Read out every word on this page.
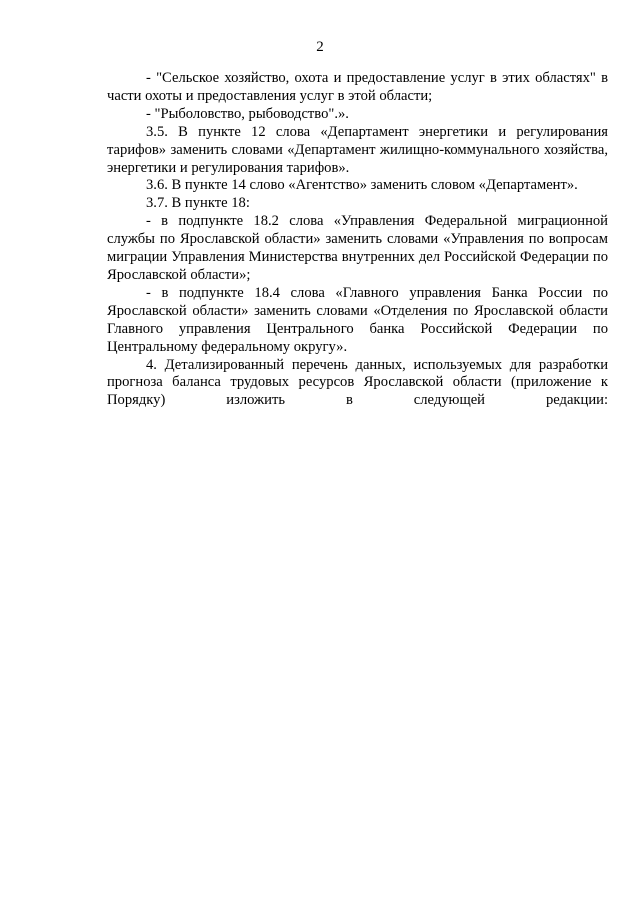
2

- "Сельское хозяйство, охота и предоставление услуг в этих областях" в части охоты и предоставления услуг в этой области;

- "Рыболовство, рыбоводство".».

3.5. В пункте 12 слова «Департамент энергетики и регулирования тарифов» заменить словами «Департамент жилищно-коммунального хозяйства, энергетики и регулирования тарифов».

3.6. В пункте 14 слово «Агентство» заменить словом «Департамент».

3.7. В пункте 18:

- в подпункте 18.2 слова «Управления Федеральной миграционной службы по Ярославской области» заменить словами «Управления по вопросам миграции Управления Министерства внутренних дел Российской Федерации по Ярославской области»;

- в подпункте 18.4 слова «Главного управления Банка России по Ярославской области» заменить словами «Отделения по Ярославской области Главного управления Центрального банка Российской Федерации по Центральному федеральному округу».

4. Детализированный перечень данных, используемых для разработки прогноза баланса трудовых ресурсов Ярославской области (приложение к Порядку) изложить в следующей редакции:
